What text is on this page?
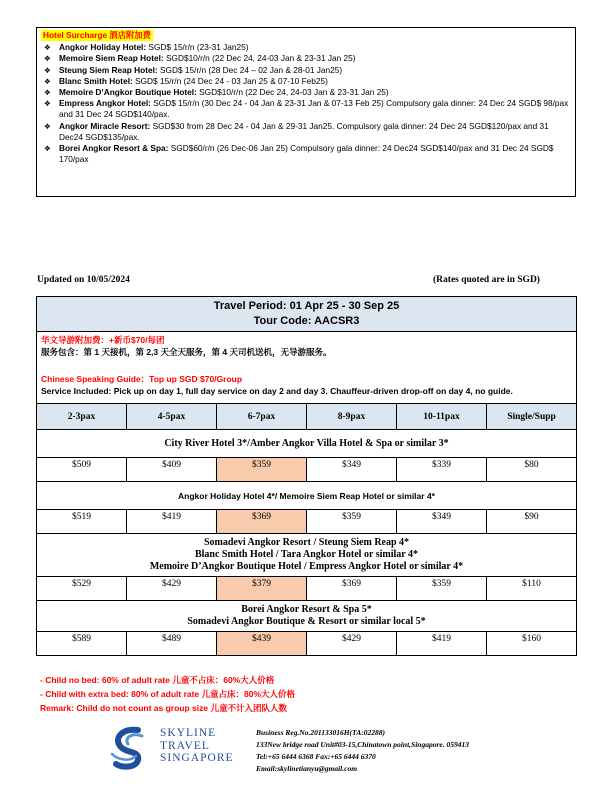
Hotel Surcharge 酒店附加费
❖ Angkor Holiday Hotel: SGD$ 15/r/n (23-31 Jan25)
❖ Memoire Siem Reap Hotel: SGD$10/r/n (22 Dec 24, 24-03 Jan & 23-31 Jan 25)
❖ Steung Siem Reap Hotel: SGD$ 15/r/n (28 Dec 24 – 02 Jan & 28-01 Jan25)
❖ Blanc Smith Hotel: SGD$ 15/r/n (24 Dec 24 - 03 Jan 25 & 07-10 Feb25)
❖ Memoire D’Angkor Boutique Hotel: SGD$10/r/n (22 Dec 24, 24-03 Jan & 23-31 Jan 25)
❖ Empress Angkor Hotel: SGD$ 15/r/n (30 Dec 24 - 04 Jan & 23-31 Jan & 07-13 Feb 25) Compulsory gala dinner: 24 Dec 24 SGD$ 98/pax and 31 Dec 24 SGD$140/pax.
❖ Angkor Miracle Resort: SGD$30 from 28 Dec 24 - 04 Jan & 29-31 Jan25. Compulsory gala dinner: 24 Dec 24 SGD$120/pax and 31 Dec24 SGD$135/pax.
❖ Borei Angkor Resort & Spa: SGD$60/r/n (26 Dec-06 Jan 25) Compulsory gala dinner: 24 Dec24 SGD$140/pax and 31 Dec 24 SGD$ 170/pax
Updated on 10/05/2024	(Rates quoted are in SGD)
Travel Period: 01 Apr 25 - 30 Sep 25
Tour Code: AACSR3					

华文导游附加费：+新币$70/每团
服务包含：第 1 天接机，第 2,3 天全天服务，第 4 天司机送机，无导游服务。
Chinese Speaking Guide：Top up SGD $70/Group
Service Included: Pick up on day 1, full day service on day 2 and day 3. Chauffeur-driven drop-off on day 4, no guide.					

2-3pax	4-5pax	6-7pax	8-9pax	10-11pax	Single/Supp

City River Hotel 3*/Amber Angkor Villa Hotel & Spa or similar 3*					

$509	$409	$359	$349	$339	$80

Angkor Holiday Hotel 4*/ Memoire Siem Reap Hotel or similar 4*					

$519	$419	$369	$359	$349	$90

Somadevi Angkor Resort / Steung Siem Reap 4*
Blanc Smith Hotel / Tara Angkor Hotel or similar 4*
Memoire D’Angkor Boutique Hotel / Empress Angkor Hotel or similar 4*					

$529	$429	$379	$369	$359	$110

Borei Angkor Resort & Spa 5*
Somadevi Angkor Boutique & Resort or similar local 5*					

$589	$489	$439	$429	$419	$160
- Child no bed: 60% of adult rate 儿童不占床：60%大人价格
- Child with extra bed: 80% of adult rate 儿童占床：80%大人价格
Remark: Child do not count as group size 儿童不计入团队人数
SKYLINE
TRAVEL
SINGAPORE
Business Reg.No.201133016H(TA:02288)
133New bridge road Unit#03-15,Chinatown point,Singapore. 059413
Tel:+65 6444 6368 Fax:+65 6444 6370
Email:skylinetianyu@gmail.com
